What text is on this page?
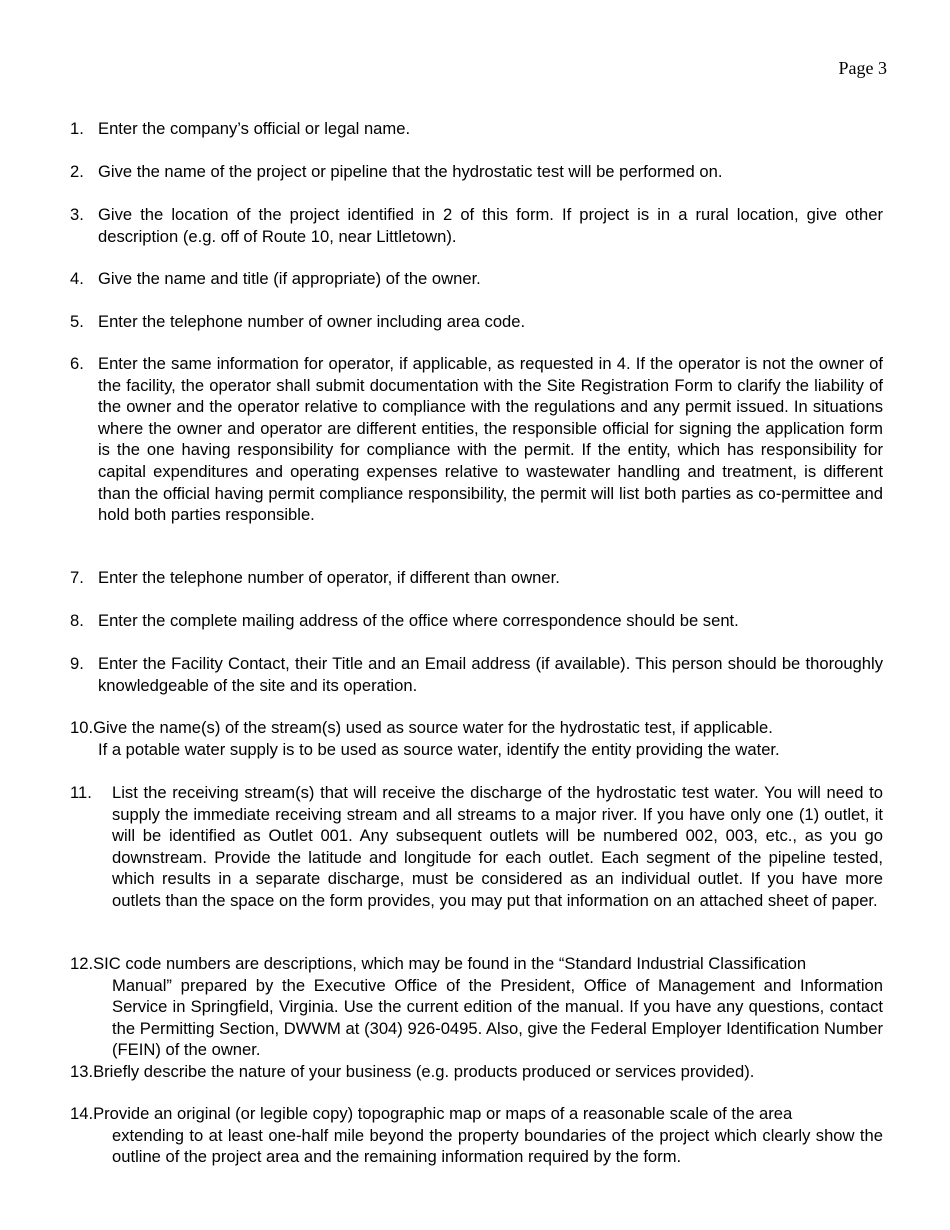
Page 3
1. Enter the company’s official or legal name.
2. Give the name of the project or pipeline that the hydrostatic test will be performed on.
3. Give the location of the project identified in 2 of this form. If project is in a rural location, give other description (e.g. off of Route 10, near Littletown).
4. Give the name and title (if appropriate) of the owner.
5. Enter the telephone number of owner including area code.
6. Enter the same information for operator, if applicable, as requested in 4. If the operator is not the owner of the facility, the operator shall submit documentation with the Site Registration Form to clarify the liability of the owner and the operator relative to compliance with the regulations and any permit issued. In situations where the owner and operator are different entities, the responsible official for signing the application form is the one having responsibility for compliance with the permit. If the entity, which has responsibility for capital expenditures and operating expenses relative to wastewater handling and treatment, is different than the official having permit compliance responsibility, the permit will list both parties as co-permittee and hold both parties responsible.
7. Enter the telephone number of operator, if different than owner.
8. Enter the complete mailing address of the office where correspondence should be sent.
9. Enter the Facility Contact, their Title and an Email address (if available). This person should be thoroughly knowledgeable of the site and its operation.
10.Give the name(s) of the stream(s) used as source water for the hydrostatic test, if applicable.
If a potable water supply is to be used as source water, identify the entity providing the water.
11. List the receiving stream(s) that will receive the discharge of the hydrostatic test water. You will need to supply the immediate receiving stream and all streams to a major river. If you have only one (1) outlet, it will be identified as Outlet 001. Any subsequent outlets will be numbered 002, 003, etc., as you go downstream. Provide the latitude and longitude for each outlet. Each segment of the pipeline tested, which results in a separate discharge, must be considered as an individual outlet. If you have more outlets than the space on the form provides, you may put that information on an attached sheet of paper.
12.SIC code numbers are descriptions, which may be found in the “Standard Industrial Classification
Manual” prepared by the Executive Office of the President, Office of Management and Information Service in Springfield, Virginia. Use the current edition of the manual. If you have any questions, contact the Permitting Section, DWWM at (304) 926-0495. Also, give the Federal Employer Identification Number (FEIN) of the owner.
13.Briefly describe the nature of your business (e.g. products produced or services provided).
14.Provide an original (or legible copy) topographic map or maps of a reasonable scale of the area
extending to at least one-half mile beyond the property boundaries of the project which clearly show the outline of the project area and the remaining information required by the form.
